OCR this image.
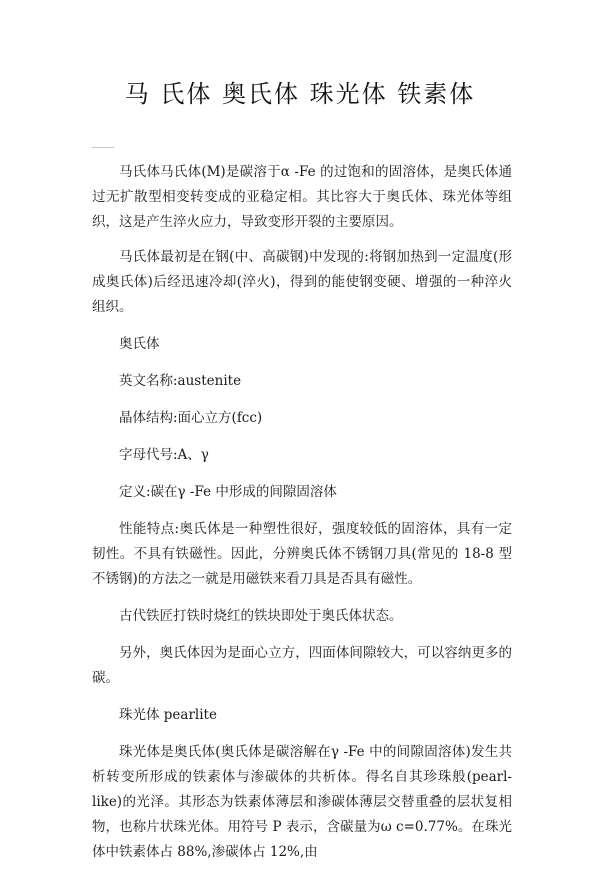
马 氏体 奥氏体 珠光体 铁素体

马氏体马氏体(M)是碳溶于α -Fe 的过饱和的固溶体，是奥氏体通过无扩散型相变转变成的亚稳定相。其比容大于奥氏体、珠光体等组织，这是产生淬火应力，导致变形开裂的主要原因。

马氏体最初是在钢(中、高碳钢)中发现的:将钢加热到一定温度(形成奥氏体)后经迅速冷却(淬火)，得到的能使钢变硬、增强的一种淬火组织。

奥氏体

英文名称:austenite

晶体结构:面心立方(fcc)

字母代号:A、γ

定义:碳在γ -Fe 中形成的间隙固溶体

性能特点:奥氏体是一种塑性很好，强度较低的固溶体，具有一定韧性。不具有铁磁性。因此，分辨奥氏体不锈钢刀具(常见的 18-8 型不锈钢)的方法之一就是用磁铁来看刀具是否具有磁性。

古代铁匠打铁时烧红的铁块即处于奥氏体状态。

另外，奥氏体因为是面心立方，四面体间隙较大，可以容纳更多的碳。

珠光体 pearlite

珠光体是奥氏体(奥氏体是碳溶解在γ -Fe 中的间隙固溶体)发生共析转变所形成的铁素体与渗碳体的共析体。得名自其珍珠般(pearl-like)的光泽。其形态为铁素体薄层和渗碳体薄层交替重叠的层状复相物，也称片状珠光体。用符号 P 表示，含碳量为ω c=0.77%。在珠光体中铁素体占 88%,渗碳体占 12%,由
